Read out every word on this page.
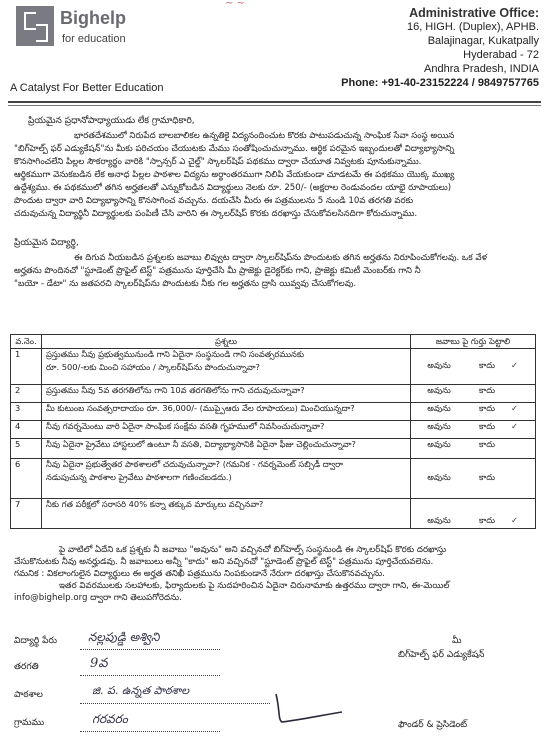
~ ~
Bighelp
for education
A Catalyst For Better Education
Administrative Office:
16, HIGH. (Duplex), APHB.
Balajinagar, Kukatpally
Hyderabad - 72
Andhra Pradesh, INDIA
Phone: +91-40-23152224 / 9849757765
ప్రియమైన ప్రధానోపాధ్యాయుడు లేక గ్రామాధికారి,
భారతదేశములో నిరుపేద బాలబాలికల ఉన్నతికై విద్యనందించుట కొరకు పాటుపడుచున్న సాంఘిక సేవా సంస్థ అయిన
"బిగ్‌హెల్ప్ ఫర్ ఎడ్యుకేషన్"ను మీకు పరిచయం చేయుటకు మేము సంతోషించుచున్నాము. ఆర్థిక పరమైన ఇబ్బందులతో విద్యాభ్యాసాన్ని
కొనసాగించలేని పిల్లల సౌకర్యార్థం వారికి "స్పాన్సర్ ఎ చైల్డ్" స్కాలర్‌షిప్ పథకము ద్వారా చేయూత నివ్వటకు పూనుకున్నాము.
ఆర్థికముగా వెనుకబడిన లేక అనాధ పిల్లల పాఠశాల విద్యను అర్థాంతరముగా నిలిపి వేయకుండా చూడటమే ఈ పథకము యొక్క ముఖ్య
ఉద్దేశ్యము. ఈ పథకములో తగిన అర్హతలతో ఎన్నుకోబడిన విద్యార్థులు నెలకు రూ. 250/- (అక్షరాల రెండువందల యాభై రూపాయలు)
పొందుట ద్వారా వారి విద్యాభ్యాసాన్ని కొనసాగించ వచ్చును. దయచేసి మీరు ఈ పత్రములను 5 నుండి 10వ తరగతి వరకు
చదువుచున్న విద్యార్థినీ విద్యార్థులకు పంపిణీ చేసి వారిని ఈ స్కాలర్‌షిప్ కొరకు దరఖాస్తు చేసుకోవలసినదిగా కోరుచున్నాము.
ప్రియమైన విద్యార్థి,
ఈ దిగువ నీయబడిన ప్రశ్నలకు జవాబు లివ్వుట ద్వారా స్కాలర్‌షిప్‌ను పొందుటకు తగిన అర్హతను నిరూపించుకోగలవు. ఒక వేళ
అర్హతను పొందినచో "స్టూడెంట్ ప్రొఫైల్ టెస్ట్" పత్రమును పూర్తిచేసి మీ ప్రాజెక్టు డైరెక్టర్‌కు గాని, ప్రాజెక్టు కమిటీ మెంబర్‌కు గాని నీ
"బయో - డేటా" ను జతపరచి స్కాలర్‌షిప్‌ను పొందుటకు నీకు గల అర్హతను ద్రాసి యివ్వవు చేసుకోగలవు.
వ.నెం.	ప్రశ్నలు	జవాబు పై గుర్తు పెట్టాలి
1	ప్రస్తుతము నీవు ప్రభుత్వమునుండి గాని ఏదైనా సంస్థనుండి గాని సంవత్సరమునకు
రూ. 500/-లకు మించి సహాయం / స్కాలర్‌షిప్‌ను పొందుచున్నావా?	అవును కాదు ✓
2	ప్రస్తుతము నీవు 5వ తరగతిలోను గాని 10వ తరగతిలోను గాని చదువుచున్నావా?	అవును కాదు
3	మీ కుటుంబ సంవత్సరాదాయం రూ. 36,000/- (ముప్పైఆరు వేల రూపాయలు) మించియున్నదా?	అవును కాదు ✓
4	నీవు గవర్నమెంటు వారి ఏదైనా సాంఘిక సంక్షేమ వసతి గృహములో నివసించుచున్నావా?	అవును కాదు ✓
5	నీవు ఏదైనా ప్రైవేటు హాస్టలులో ఉంటూ నీ వసతి, విద్యాభ్యాసానికి ఏదైనా ఫీజు చెల్లించుచున్నావా?	అవును కాదు
6	నీవు ఏదైనా ప్రభుత్వేతర పాఠశాలలో చదువుచున్నావా? (గమనిక - గవర్నమెంట్ సబ్సిడీ ద్వారా
నడుపుచున్న పాఠశాల ప్రైవేటు పాఠశాలగా గణించబడదు.)	అవును కాదు
7	నీకు గత పరీక్షలో సరాసరి 40% కన్నా తక్కువ మార్కులు వచ్చినవా?	అవును కాదు ✓
పై వాటిలో ఏదేని ఒక ప్రశ్నకు నీ జవాబు "అవును" అని వచ్చినచో బిగ్‌హెల్ప్ సంస్థనుండి ఈ స్కాలర్‌షిప్ కొరకు దరఖాస్తు
చేసుకొనుటకు నీవు అనర్హుడవు. నీ జవాబులు అన్నీ "కాదు" అని వచ్చినచో "స్టూడెంట్ ప్రొఫైల్ టెస్ట్" పత్రమును పూర్తిచేయవలెను.
గమనిక : వికలాంగులైన విద్యార్థులు ఈ అర్హత తనిఖీ పత్రమును నింపకుండానే నేరుగా దరఖాస్తు చేసుకొనవచ్చును.
ఇతర వివరములకు సలహాలకు, ఫిర్యాదులకు పై నుదహరించిన ఏదైనా చిరునామాకు ఉత్తరము ద్వారా గాని, ఈ-మెయిల్
info@bighelp.org ద్వారా గాని తెలుపగోరెదను.
విద్యార్థి పేరు	నల్లపుడ్డి అశ్విని
తరగతి	9వ
పాఠశాల	జి. ప. ఉన్నత పాఠశాల
గ్రామము	గరవరం
మీ
బిగ్‌హెల్ప్ ఫర్ ఎడ్యుకేషన్
ఫౌండర్ & ప్రెసిడెంట్
